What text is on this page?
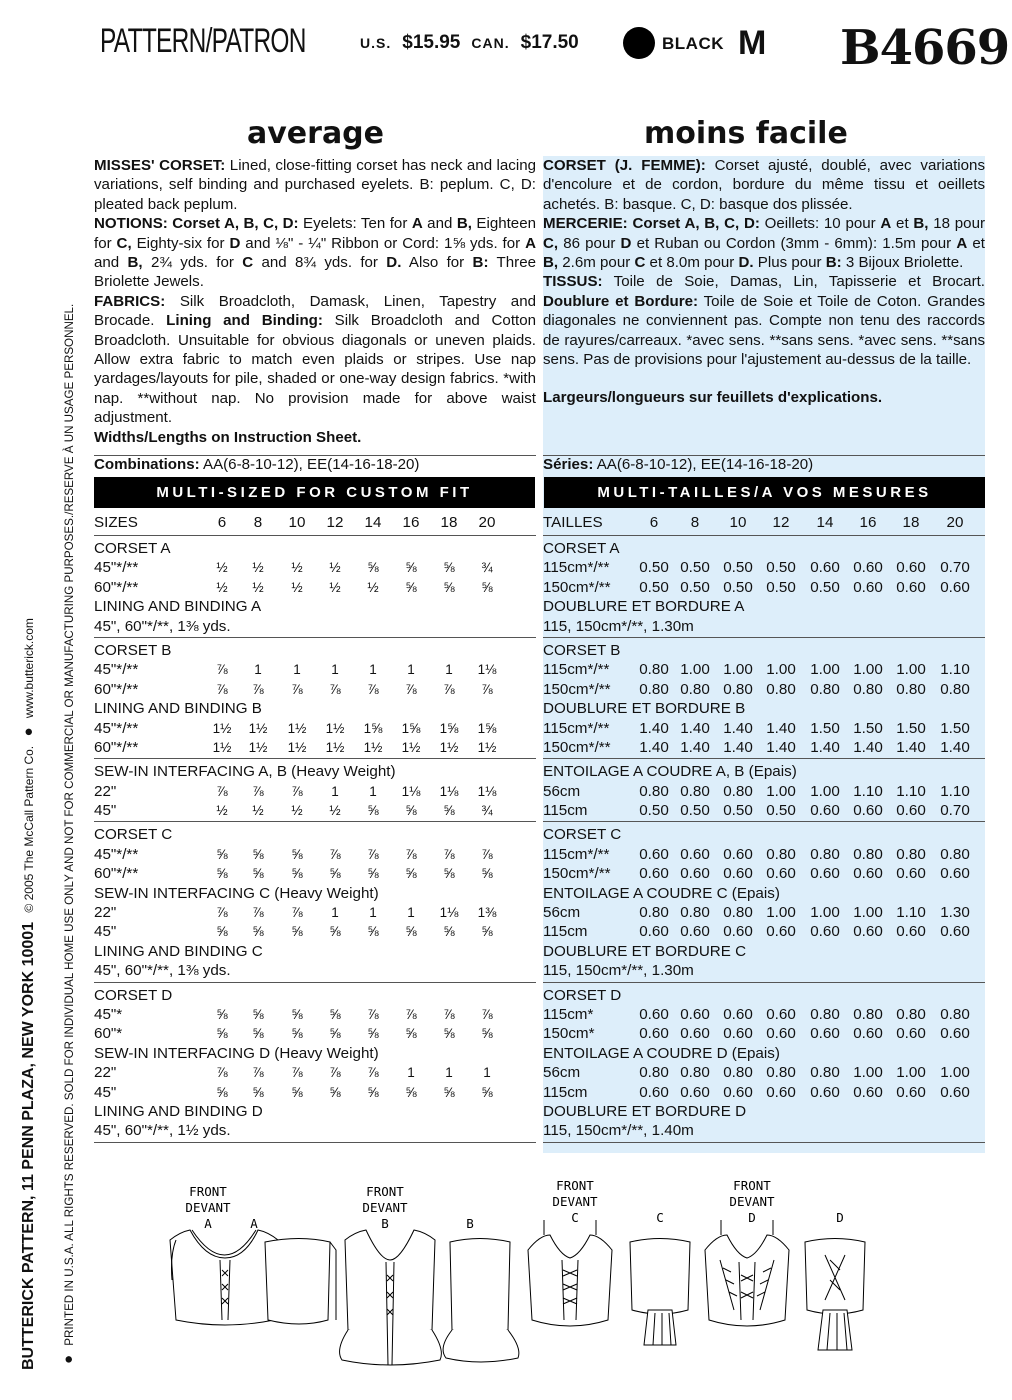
PATTERN/PATRON	U.S. $15.95 CAN. $17.50	BLACK M B4669
average	moins facile
BUTTERICK PATTERN, 11 PENN PLAZA, NEW YORK 10001 © 2005 The McCall Pattern Co. ● www.butterick.com
● PRINTED IN U.S.A. ALL RIGHTS RESERVED. SOLD FOR INDIVIDUAL HOME USE ONLY AND NOT FOR COMMERCIAL OR MANUFACTURING PURPOSES./RESERVE À UN USAGE PERSONNEL.
MISSES' CORSET: Lined, close-fitting corset has neck and lacing variations, self binding and purchased eyelets. B: peplum. C, D: pleated back peplum.
NOTIONS: Corset A, B, C, D: Eyelets: Ten for A and B, Eighteen for C, Eighty-six for D and ⅛" - ¼" Ribbon or Cord: 1⅝ yds. for A and B, 2¾ yds. for C and 8¾ yds. for D. Also for B: Three Briolette Jewels.
FABRICS: Silk Broadcloth, Damask, Linen, Tapestry and Brocade. Lining and Binding: Silk Broadcloth and Cotton Broadcloth. Unsuitable for obvious diagonals or uneven plaids. Allow extra fabric to match even plaids or stripes. Use nap yardages/layouts for pile, shaded or one-way design fabrics. *with nap. **without nap. No provision made for above waist adjustment.
Widths/Lengths on Instruction Sheet.
CORSET (J. FEMME): Corset ajusté, doublé, avec variations d'encolure et de cordon, bordure du même tissu et oeillets achetés. B: basque. C, D: basque dos plissée.
MERCERIE: Corset A, B, C, D: Oeillets: 10 pour A et B, 18 pour C, 86 pour D et Ruban ou Cordon (3mm - 6mm): 1.5m pour A et B, 2.6m pour C et 8.0m pour D. Plus pour B: 3 Bijoux Briolette.
TISSUS: Toile de Soie, Damas, Lin, Tapisserie et Brocart. Doublure et Bordure: Toile de Soie et Toile de Coton. Grandes diagonales ne conviennent pas. Compte non tenu des raccords de rayures/carreaux. *avec sens. **sans sens. *avec sens. **sans sens. Pas de provisions pour l'ajustement au-dessus de la taille.
Largeurs/longueurs sur feuillets d'explications.
Combinations: AA(6-8-10-12), EE(14-16-18-20)	Séries: AA(6-8-10-12), EE(14-16-18-20)
MULTI-SIZED FOR CUSTOM FIT	MULTI-TAILLES/A VOS MESURES
SIZES	6	8	10	12	14	16	18	20
CORSET A
45"*/**	½	½	½	½	⅝	⅝	⅝	¾
60"*/**	½	½	½	½	½	⅝	⅝	⅝
LINING AND BINDING A
45", 60"*/**, 1⅜ yds.
CORSET B
45"*/**	⅞	1	1	1	1	1	1	1⅛
60"*/**	⅞	⅞	⅞	⅞	⅞	⅞	⅞	⅞
LINING AND BINDING B
45"*/**	1½	1½	1½	1½	1⅝	1⅝	1⅝	1⅝
60"*/**	1½	1½	1½	1½	1½	1½	1½	1½
SEW-IN INTERFACING A, B (Heavy Weight)
22"	⅞	⅞	⅞	1	1	1⅛	1⅛	1⅛
45"	½	½	½	½	⅝	⅝	⅝	¾
CORSET C
45"*/**	⅝	⅝	⅝	⅞	⅞	⅞	⅞	⅞
60"*/**	⅝	⅝	⅝	⅝	⅝	⅝	⅝	⅝
SEW-IN INTERFACING C (Heavy Weight)
22"	⅞	⅞	⅞	1	1	1	1⅛	1⅜
45"	⅝	⅝	⅝	⅝	⅝	⅝	⅝	⅝
LINING AND BINDING C
45", 60"*/**, 1⅜ yds.
CORSET D
45"*	⅝	⅝	⅝	⅝	⅞	⅞	⅞	⅞
60"*	⅝	⅝	⅝	⅝	⅝	⅝	⅝	⅝
SEW-IN INTERFACING D (Heavy Weight)
22"	⅞	⅞	⅞	⅞	⅞	1	1	1
45"	⅝	⅝	⅝	⅝	⅝	⅝	⅝	⅝
LINING AND BINDING D
45", 60"*/**, 1½ yds.
TAILLES	6	8	10	12	14	16	18	20
CORSET A
115cm*/** 0.50 0.50 0.50 0.50 0.60 0.60 0.60 0.70
150cm*/** 0.50 0.50 0.50 0.50 0.50 0.60 0.60 0.60
DOUBLURE ET BORDURE A
115, 150cm*/**, 1.30m
CORSET B
115cm*/** 0.80 1.00 1.00 1.00 1.00 1.00 1.00 1.10
150cm*/** 0.80 0.80 0.80 0.80 0.80 0.80 0.80 0.80
DOUBLURE ET BORDURE B
115cm*/** 1.40 1.40 1.40 1.40 1.50 1.50 1.50 1.50
150cm*/** 1.40 1.40 1.40 1.40 1.40 1.40 1.40 1.40
ENTOILAGE A COUDRE A, B (Epais)
56cm	0.80 0.80 0.80 1.00 1.00 1.10 1.10 1.10
115cm	0.50 0.50 0.50 0.50 0.60 0.60 0.60 0.70
CORSET C
115cm*/** 0.60 0.60 0.60 0.80 0.80 0.80 0.80 0.80
150cm*/** 0.60 0.60 0.60 0.60 0.60 0.60 0.60 0.60
ENTOILAGE A COUDRE C (Epais)
56cm	0.80 0.80 0.80 1.00 1.00 1.00 1.10 1.30
115cm	0.60 0.60 0.60 0.60 0.60 0.60 0.60 0.60
DOUBLURE ET BORDURE C
115, 150cm*/**, 1.30m
CORSET D
115cm*	0.60 0.60 0.60 0.60 0.80 0.80 0.80 0.80
150cm*	0.60 0.60 0.60 0.60 0.60 0.60 0.60 0.60
ENTOILAGE A COUDRE D (Epais)
56cm	0.80 0.80 0.80 0.80 0.80 1.00 1.00 1.00
115cm	0.60 0.60 0.60 0.60 0.60 0.60 0.60 0.60
DOUBLURE ET BORDURE D
115, 150cm*/**, 1.40m
FRONT
DEVANT
A	A
FRONT
DEVANT
B	B
FRONT
DEVANT
C	C
FRONT
DEVANT
D	D
